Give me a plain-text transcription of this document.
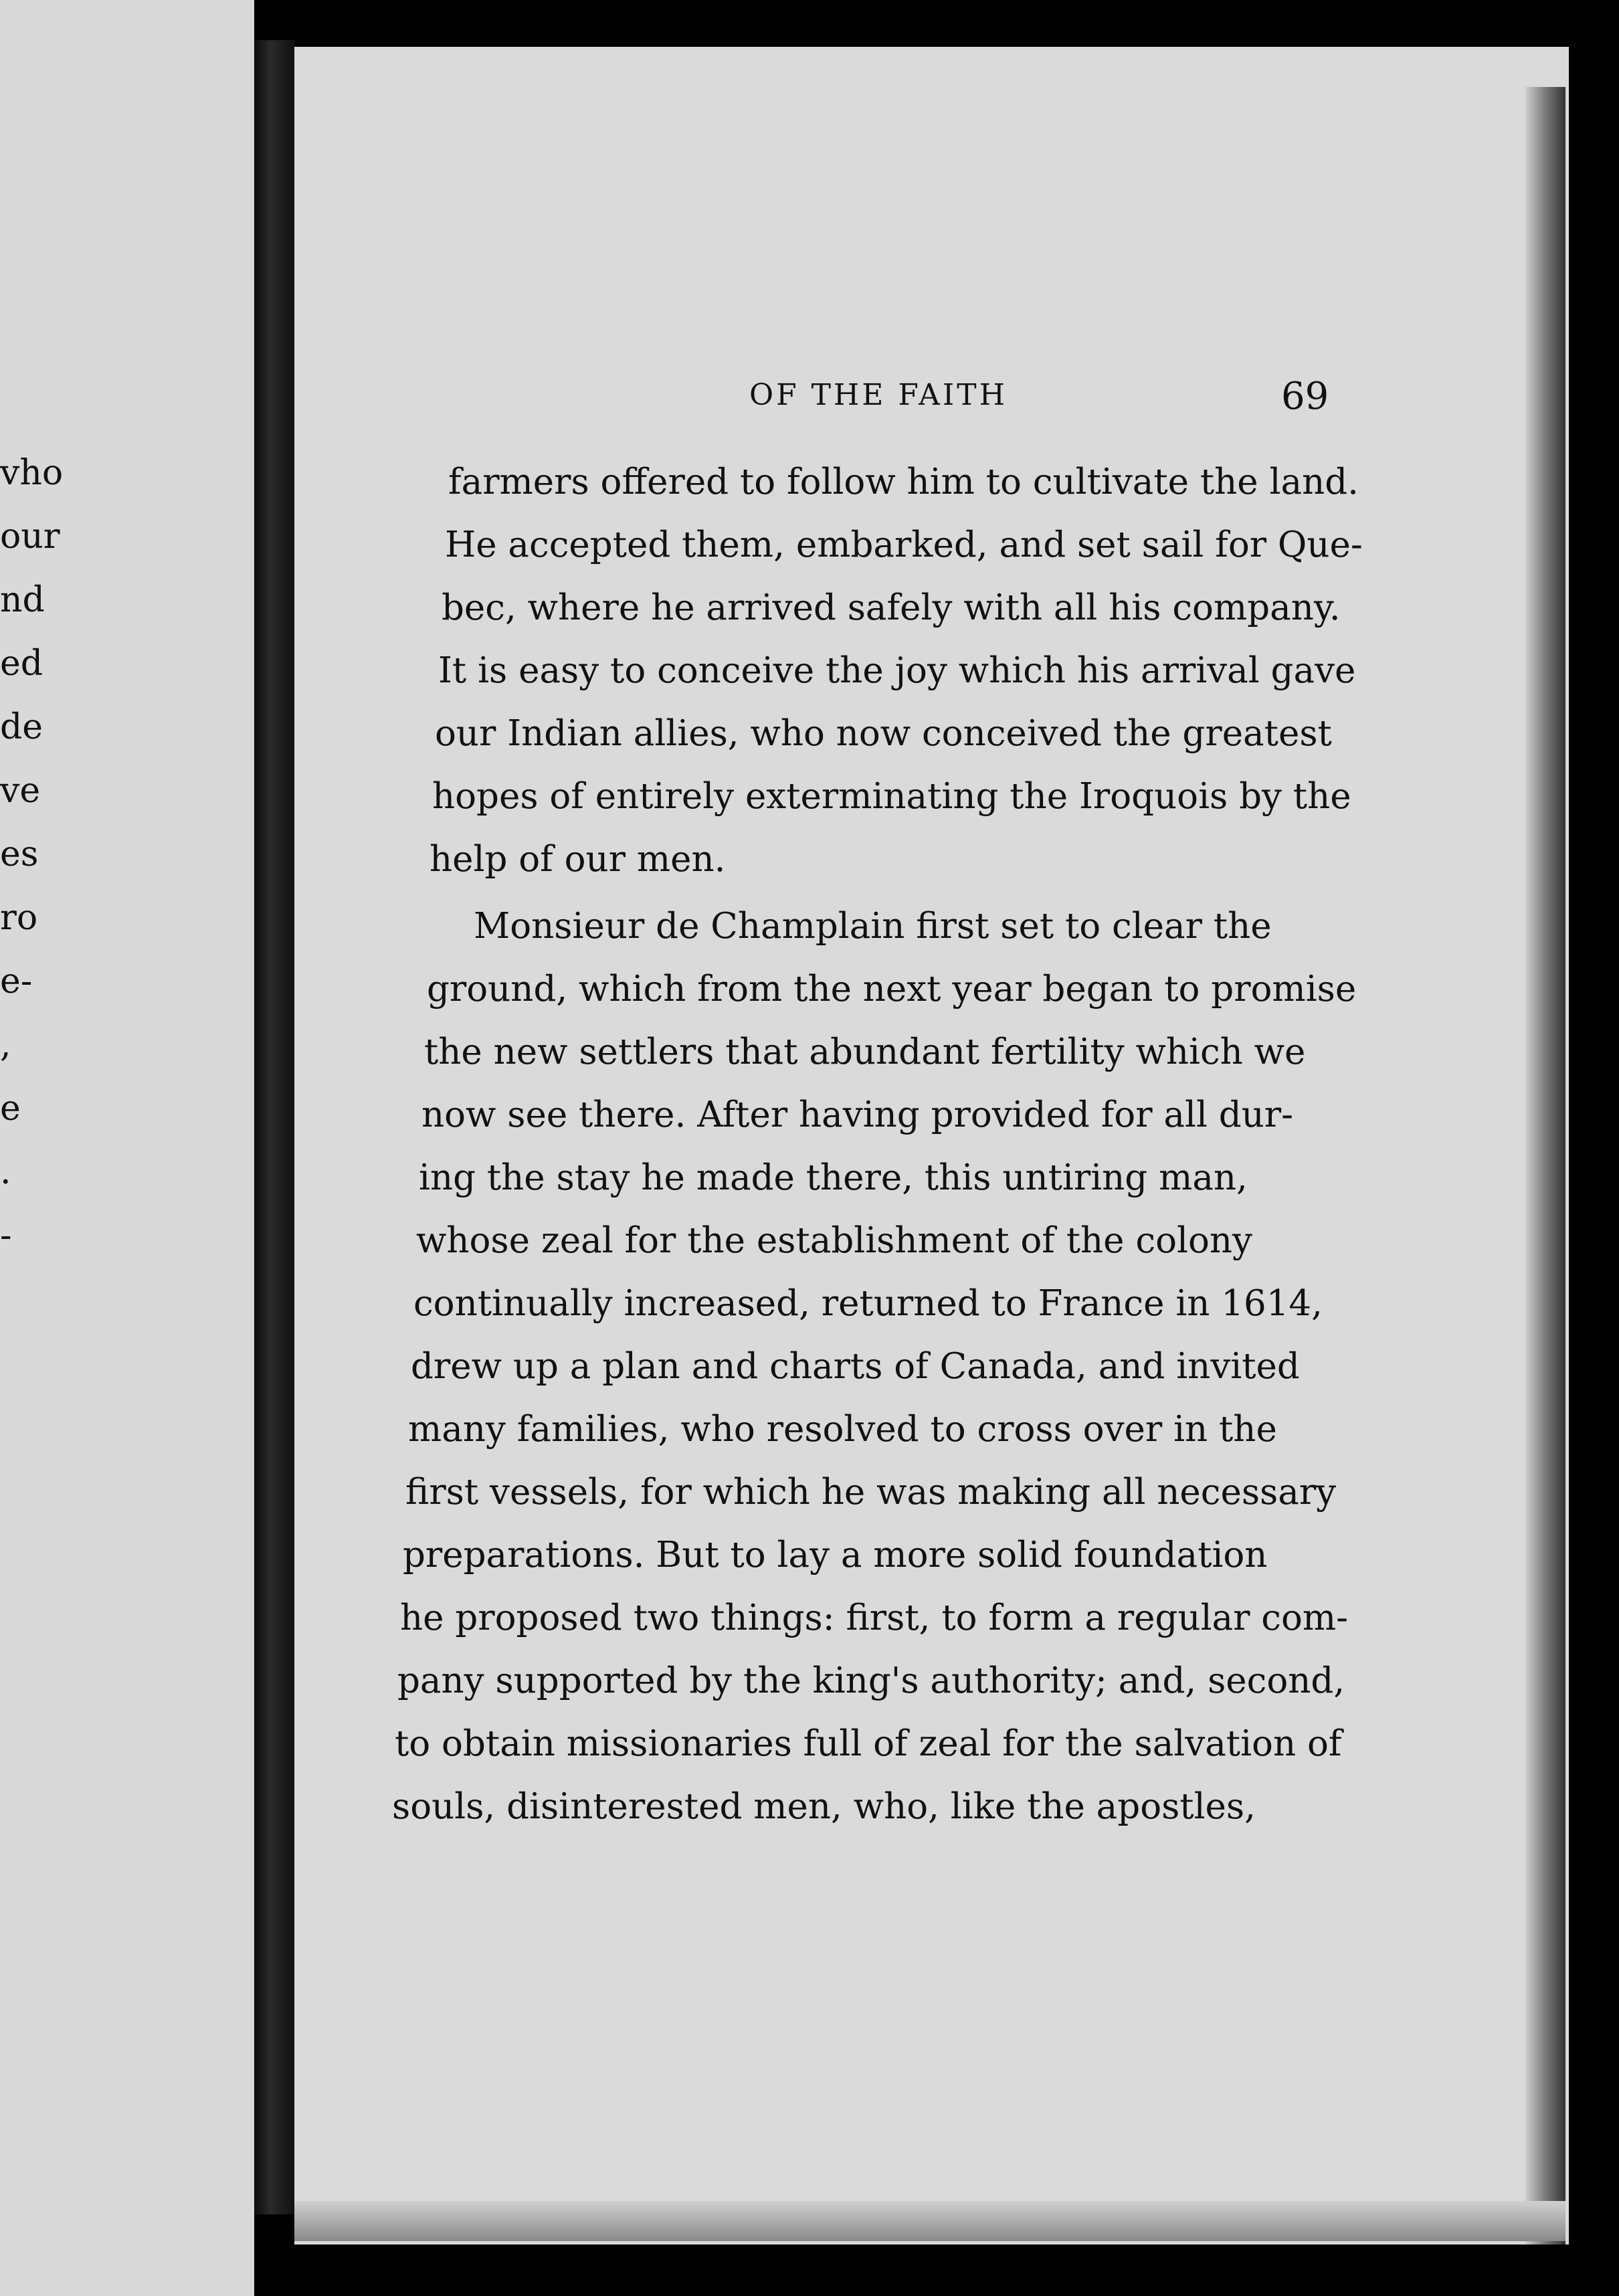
vho
our
nd
ed
de
ve
es
ro
e-
,
e
.
-
OF THE FAITH	69
farmers offered to follow him to cultivate the land.
He accepted them, embarked, and set sail for Que-
bec, where he arrived safely with all his company.
It is easy to conceive the joy which his arrival gave
our Indian allies, who now conceived the greatest
hopes of entirely exterminating the Iroquois by the
help of our men.
Monsieur de Champlain first set to clear the
ground, which from the next year began to promise
the new settlers that abundant fertility which we
now see there. After having provided for all dur-
ing the stay he made there, this untiring man,
whose zeal for the establishment of the colony
continually increased, returned to France in 1614,
drew up a plan and charts of Canada, and invited
many families, who resolved to cross over in the
first vessels, for which he was making all necessary
preparations. But to lay a more solid foundation
he proposed two things: first, to form a regular com-
pany supported by the king's authority; and, second,
to obtain missionaries full of zeal for the salvation of
souls, disinterested men, who, like the apostles,
